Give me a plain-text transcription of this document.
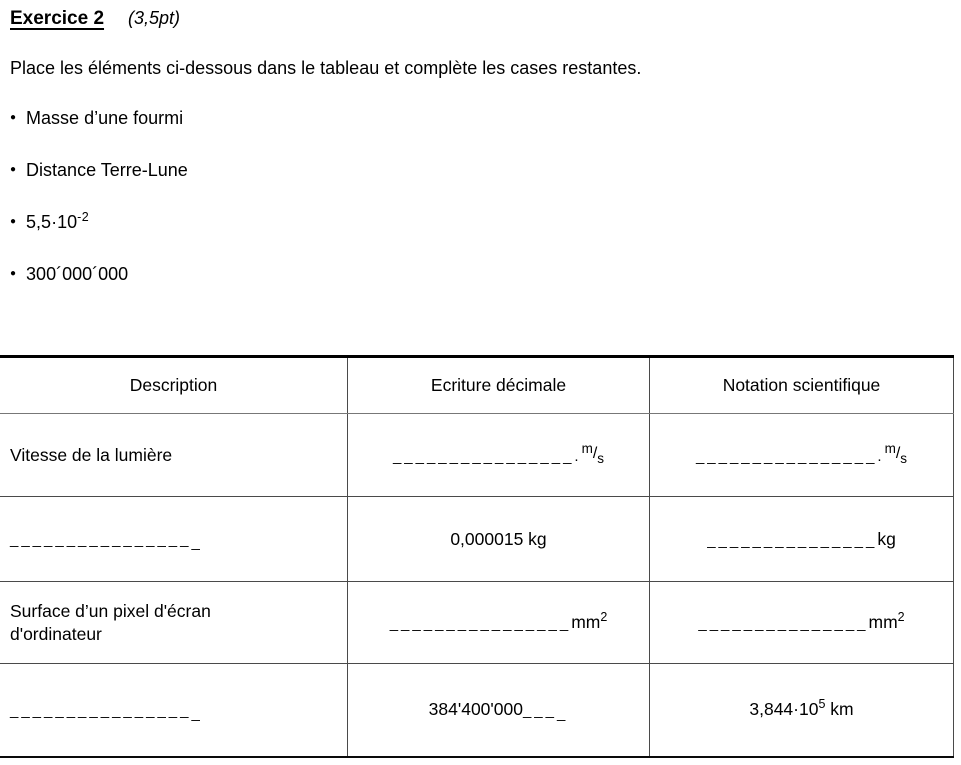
Exercice 2 (3,5pt)

Place les éléments ci-dessous dans le tableau et complète les cases restantes.

● Masse d’une fourmi
● Distance Terre-Lune
● $5,5\cdot 10^{-2}$
● 300´000´000
Description	Ecriture décimale	Notation scientifique
Vitesse de la lumière	________________.$^m$/s	________________.$^m$/s
_________________	0,000015 kg	_______________kg

Surface d’un pixel d'écran
d'ordinateur	$\_\_\_\_\_\_\_\_\_\_\_\_\_\_\_\_mm^2$	$\_\_\_\_\_\_\_\_\_\_\_\_\_\_\_mm^2$
_________________	384'400'000____	$3,844\cdot 10^5$ km
